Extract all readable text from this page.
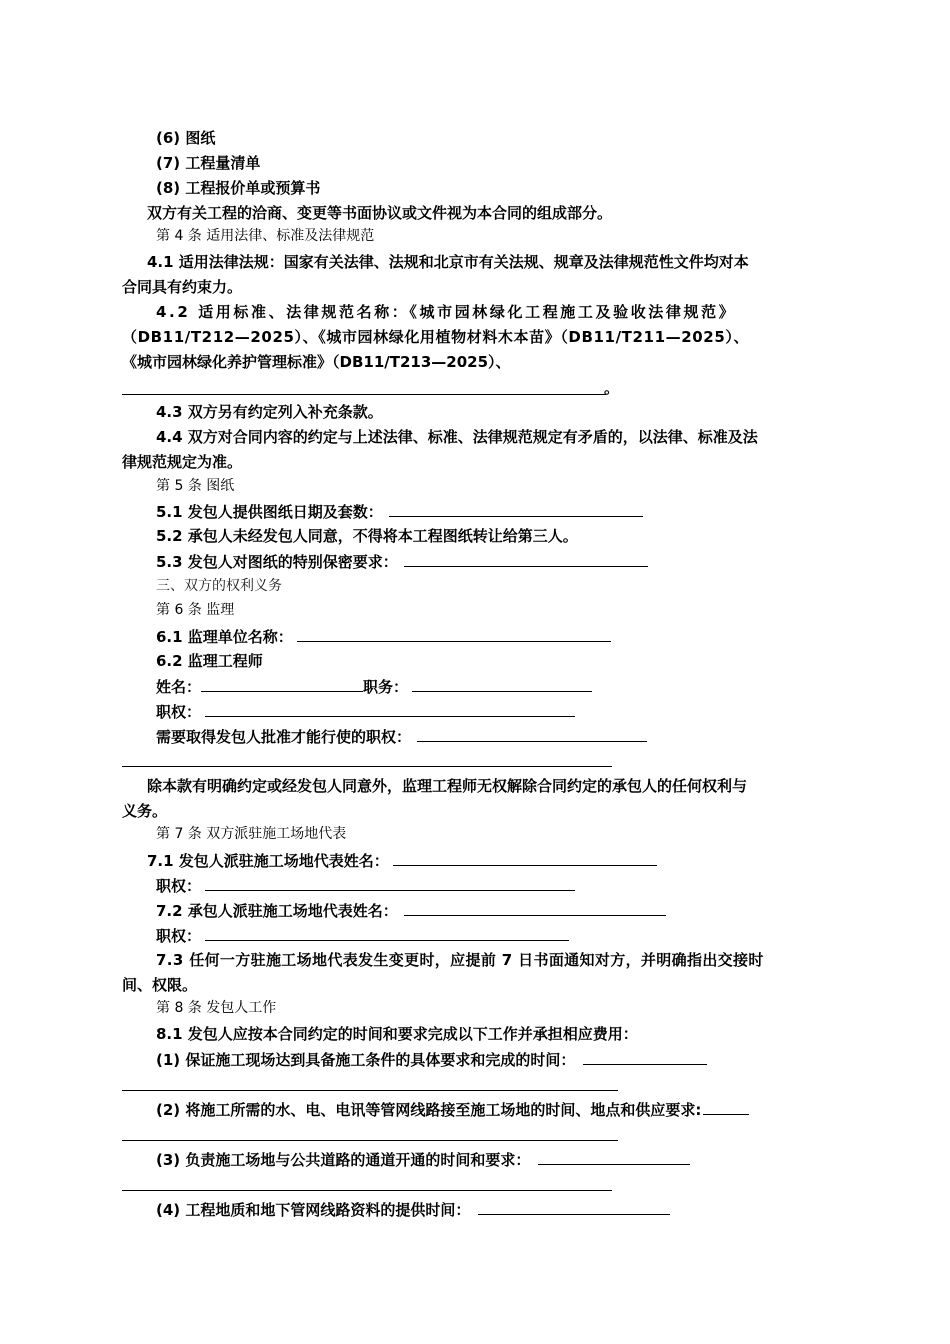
(6) 图纸
(7) 工程量清单
(8) 工程报价单或预算书
双方有关工程的洽商、变更等书面协议或文件视为本合同的组成部分。
第 4 条 适用法律、标准及法律规范
4.1 适用法律法规：国家有关法律、法规和北京市有关法规、规章及法律规范性文件均对本
合同具有约束力。
4.2 适用标准、法律规范名称：《城市园林绿化工程施工及验收法律规范》
（DB11/T212—2025）、《城市园林绿化用植物材料木本苗》（DB11/T211—2025）、
《城市园林绿化养护管理标准》（DB11/T213—2025）、
。
4.3 双方另有约定列入补充条款。
4.4 双方对合同内容的约定与上述法律、标准、法律规范规定有矛盾的，以法律、标准及法
律规范规定为准。
第 5 条 图纸
5.1 发包人提供图纸日期及套数：
5.2 承包人未经发包人同意，不得将本工程图纸转让给第三人。
5.3 发包人对图纸的特别保密要求：
三、双方的权利义务
第 6 条 监理
6.1 监理单位名称：
6.2 监理工程师
姓名：	职务：
职权：
需要取得发包人批准才能行使的职权：
除本款有明确约定或经发包人同意外，监理工程师无权解除合同约定的承包人的任何权利与
义务。
第 7 条 双方派驻施工场地代表
7.1 发包人派驻施工场地代表姓名：
职权：
7.2 承包人派驻施工场地代表姓名：
职权：
7.3 任何一方驻施工场地代表发生变更时，应提前 7 日书面通知对方，并明确指出交接时
间、权限。
第 8 条 发包人工作
8.1 发包人应按本合同约定的时间和要求完成以下工作并承担相应费用：
(1) 保证施工现场达到具备施工条件的具体要求和完成的时间：
(2) 将施工所需的水、电、电讯等管网线路接至施工场地的时间、地点和供应要求:
(3) 负责施工场地与公共道路的通道开通的时间和要求：
(4) 工程地质和地下管网线路资料的提供时间：
